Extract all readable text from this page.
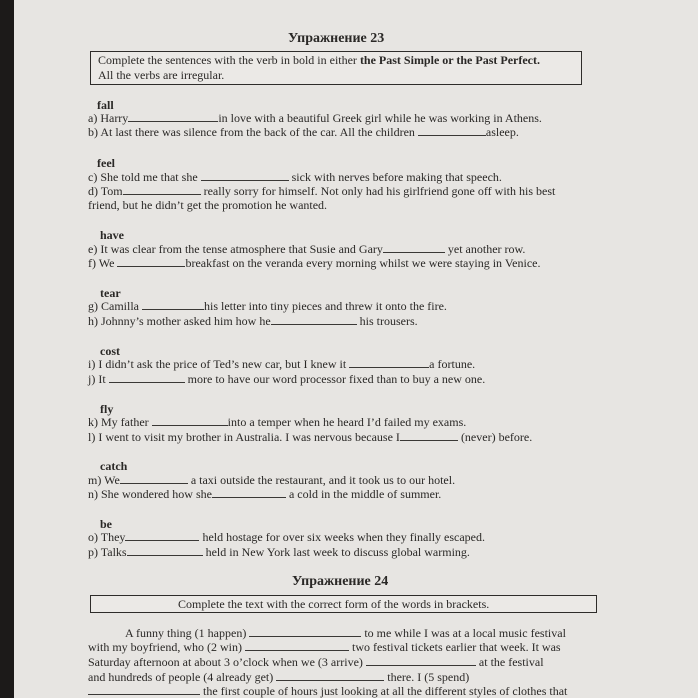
Упражнение 23
Complete the sentences with the verb in bold in either the Past Simple or the Past Perfect.
All the verbs are irregular.
fall
a) Harry	in love with a beautiful Greek girl while he was working in Athens.
b) At last there was silence from the back of the car. All the children	asleep.
feel
c) She told me that she	sick with nerves before making that speech.
d) Tom	really sorry for himself. Not only had his girlfriend gone off with his best
friend, but he didn’t get the promotion he wanted.
have
e) It was clear from the tense atmosphere that Susie and Gary	yet another row.
f) We	breakfast on the veranda every morning whilst we were staying in Venice.
tear
g) Camilla	his letter into tiny pieces and threw it onto the fire.
h) Johnny’s mother asked him how he	his trousers.
cost
i) I didn’t ask the price of Ted’s new car, but I knew it	a fortune.
j) It	more to have our word processor fixed than to buy a new one.
fly
k) My father	into a temper when he heard I’d failed my exams.
l) I went to visit my brother in Australia. I was nervous because I	(never) before.
catch
m) We	a taxi outside the restaurant, and it took us to our hotel.
n) She wondered how she	a cold in the middle of summer.
be
o) They	held hostage for over six weeks when they finally escaped.
p) Talks	held in New York last week to discuss global warming.
Упражнение 24
Complete the text with the correct form of the words in brackets.
A funny thing (1 happen)	to me while I was at a local music festival
with my boyfriend, who (2 win)	two festival tickets earlier that week. It was
Saturday afternoon at about 3 o’clock when we (3 arrive)	at the festival
and hundreds of people (4 already get)	there. I (5 spend)
the first couple of hours just looking at all the different styles of clothes that
